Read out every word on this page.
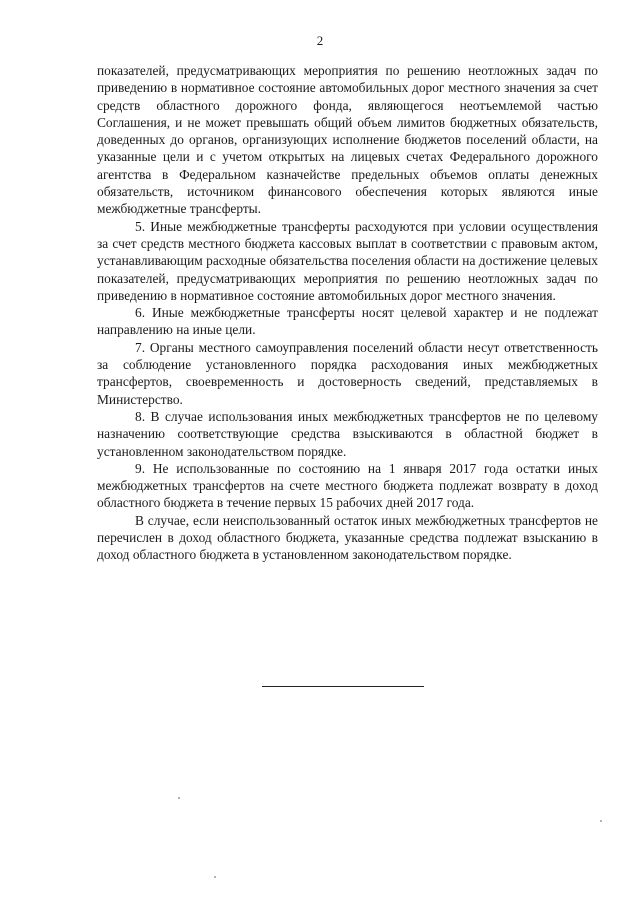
2

показателей, предусматривающих мероприятия по решению неотложных задач по приведению в нормативное состояние автомобильных дорог местного значения за счет средств областного дорожного фонда, являющегося неотъемлемой частью Соглашения, и не может превышать общий объем лимитов бюджетных обязательств, доведенных до органов, организующих исполнение бюджетов поселений области, на указанные цели и с учетом открытых на лицевых счетах Федерального дорожного агентства в Федеральном казначействе предельных объемов оплаты денежных обязательств, источником финансового обеспечения которых являются иные межбюджетные трансферты.

5. Иные межбюджетные трансферты расходуются при условии осуществления за счет средств местного бюджета кассовых выплат в соответствии с правовым актом, устанавливающим расходные обязательства поселения области на достижение целевых показателей, предусматривающих мероприятия по решению неотложных задач по приведению в нормативное состояние автомобильных дорог местного значения.

6. Иные межбюджетные трансферты носят целевой характер и не подлежат направлению на иные цели.

7. Органы местного самоуправления поселений области несут ответственность за соблюдение установленного порядка расходования иных межбюджетных трансфертов, своевременность и достоверность сведений, представляемых в Министерство.

8. В случае использования иных межбюджетных трансфертов не по целевому назначению соответствующие средства взыскиваются в областной бюджет в установленном законодательством порядке.

9. Не использованные по состоянию на 1 января 2017 года остатки иных межбюджетных трансфертов на счете местного бюджета подлежат возврату в доход областного бюджета в течение первых 15 рабочих дней 2017 года.

В случае, если неиспользованный остаток иных межбюджетных трансфертов не перечислен в доход областного бюджета, указанные средства подлежат взысканию в доход областного бюджета в установленном законодательством порядке.
